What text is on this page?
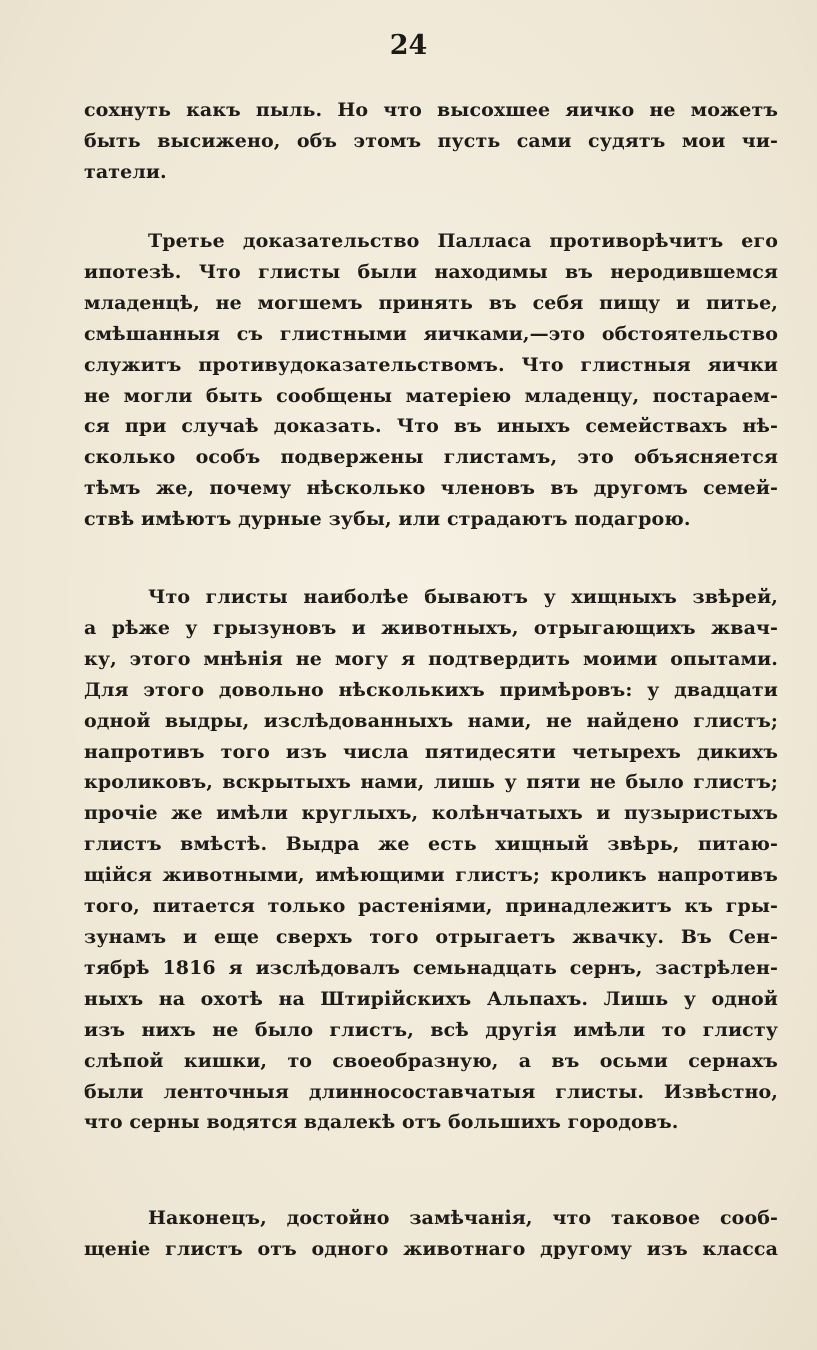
24
сохнуть какъ пыль. Но что высохшее яичко не можетъ
быть высижено, объ этомъ пусть сами судятъ мои чи-
татели.
Третье доказательство Палласа противорѣчитъ его
ипотезѣ. Что глисты были находимы въ неродившемся
младенцѣ, не могшемъ принять въ себя пищу и питье,
смѣшанныя съ глистными яичками,—это обстоятельство
служитъ противудоказательствомъ. Что глистныя яички
не могли быть сообщены матерiею младенцу, постараем-
ся при случаѣ доказать. Что въ иныхъ семействахъ нѣ-
сколько особъ подвержены глистамъ, это объясняется
тѣмъ же, почему нѣсколько членовъ въ другомъ семей-
ствѣ имѣютъ дурные зубы, или страдаютъ подагрою.
Что глисты наиболѣе бываютъ у хищныхъ звѣрей,
а рѣже у грызуновъ и животныхъ, отрыгающихъ жвач-
ку, этого мнѣнiя не могу я подтвердить моими опытами.
Для этого довольно нѣсколькихъ примѣровъ: у двадцати
одной выдры, изслѣдованныхъ нами, не найдено глистъ;
напротивъ того изъ числа пятидесяти четырехъ дикихъ
кроликовъ, вскрытыхъ нами, лишь у пяти не было глистъ;
прочiе же имѣли круглыхъ, колѣнчатыхъ и пузыристыхъ
глистъ вмѣстѣ. Выдра же есть хищный звѣрь, питаю-
щiйся животными, имѣющими глистъ; кроликъ напротивъ
того, питается только растенiями, принадлежитъ къ гры-
зунамъ и еще сверхъ того отрыгаетъ жвачку. Въ Сен-
тябрѣ 1816 я изслѣдовалъ семьнадцать сернъ, застрѣлен-
ныхъ на охотѣ на Штирiйскихъ Альпахъ. Лишь у одной
изъ нихъ не было глистъ, всѣ другiя имѣли то глисту
слѣпой кишки, то своеобразную, а въ осьми сернахъ
были ленточныя длинносоставчатыя глисты. Извѣстно,
что серны водятся вдалекѣ отъ большихъ городовъ.
Наконецъ, достойно замѣчанiя, что таковое сооб-
щенiе глистъ отъ одного животнаго другому изъ класса
